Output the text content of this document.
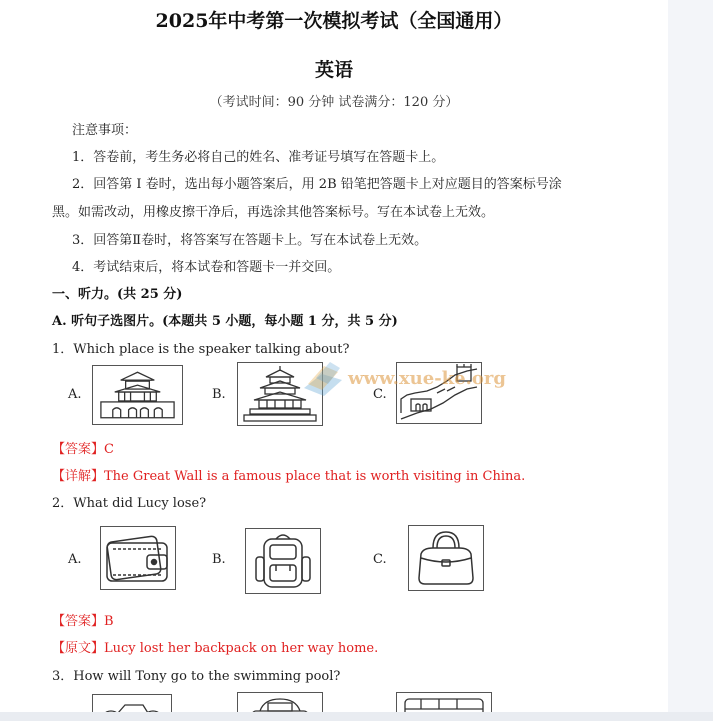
2025年中考第一次模拟考试（全国通用）
英语
（考试时间：90 分钟 试卷满分：120 分）
注意事项：
1．答卷前，考生务必将自己的姓名、准考证号填写在答题卡上。
2．回答第 I 卷时，选出每小题答案后，用 2B 铅笔把答题卡上对应题目的答案标号涂
黑。如需改动，用橡皮擦干净后，再选涂其他答案标号。写在本试卷上无效。
3．回答第Ⅱ卷时，将答案写在答题卡上。写在本试卷上无效。
4．考试结束后，将本试卷和答题卡一并交回。
一、听力。(共 25 分)
A. 听句子选图片。(本题共 5 小题，每小题 1 分，共 5 分)
1．Which place is the speaker talking about?
A.	B.	C.
www.xue-ke.org
【答案】C
【详解】The Great Wall is a famous place that is worth visiting in China.
2．What did Lucy lose?
A.	B.	C.
【答案】B
【原文】Lucy lost her backpack on her way home.
3．How will Tony go to the swimming pool?
